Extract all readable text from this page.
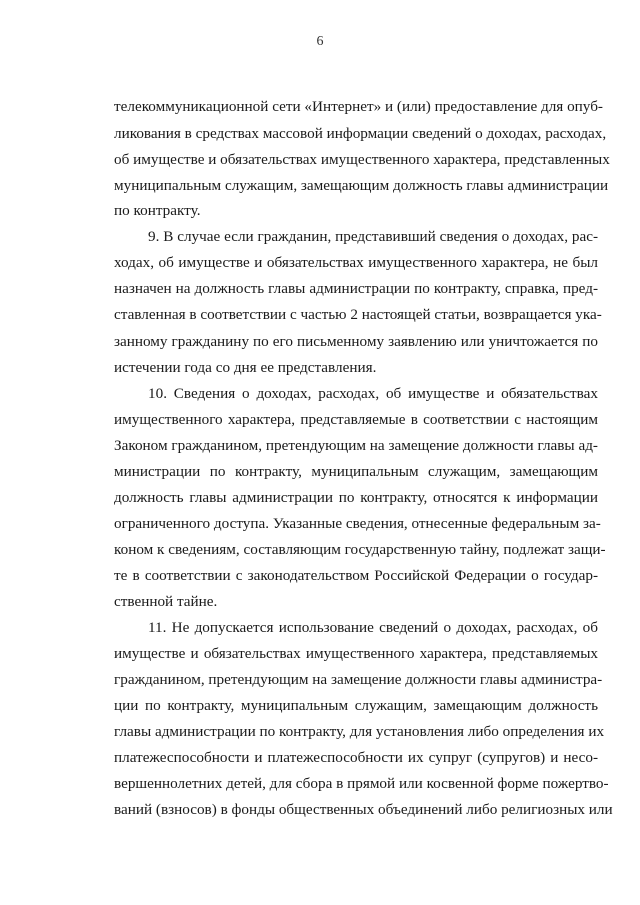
6
телекоммуникационной сети «Интернет» и (или) предоставление для опуб-
ликования в средствах массовой информации сведений о доходах, расходах,
об имуществе и обязательствах имущественного характера, представленных
муниципальным служащим, замещающим должность главы администрации
по контракту.
9. В случае если гражданин, представивший сведения о доходах, рас-
ходах, об имуществе и обязательствах имущественного характера, не был
назначен на должность главы администрации по контракту, справка, пред-
ставленная в соответствии с частью 2 настоящей статьи, возвращается ука-
занному гражданину по его письменному заявлению или уничтожается по
истечении года со дня ее представления.
10. Сведения о доходах, расходах, об имуществе и обязательствах
имущественного характера, представляемые в соответствии с настоящим
Законом гражданином, претендующим на замещение должности главы ад-
министрации по контракту, муниципальным служащим, замещающим
должность главы администрации по контракту, относятся к информации
ограниченного доступа. Указанные сведения, отнесенные федеральным за-
коном к сведениям, составляющим государственную тайну, подлежат защи-
те в соответствии с законодательством Российской Федерации о государ-
ственной тайне.
11. Не допускается использование сведений о доходах, расходах, об
имуществе и обязательствах имущественного характера, представляемых
гражданином, претендующим на замещение должности главы администра-
ции по контракту, муниципальным служащим, замещающим должность
главы администрации по контракту, для установления либо определения их
платежеспособности и платежеспособности их супруг (супругов) и несо-
вершеннолетних детей, для сбора в прямой или косвенной форме пожертво-
ваний (взносов) в фонды общественных объединений либо религиозных или
